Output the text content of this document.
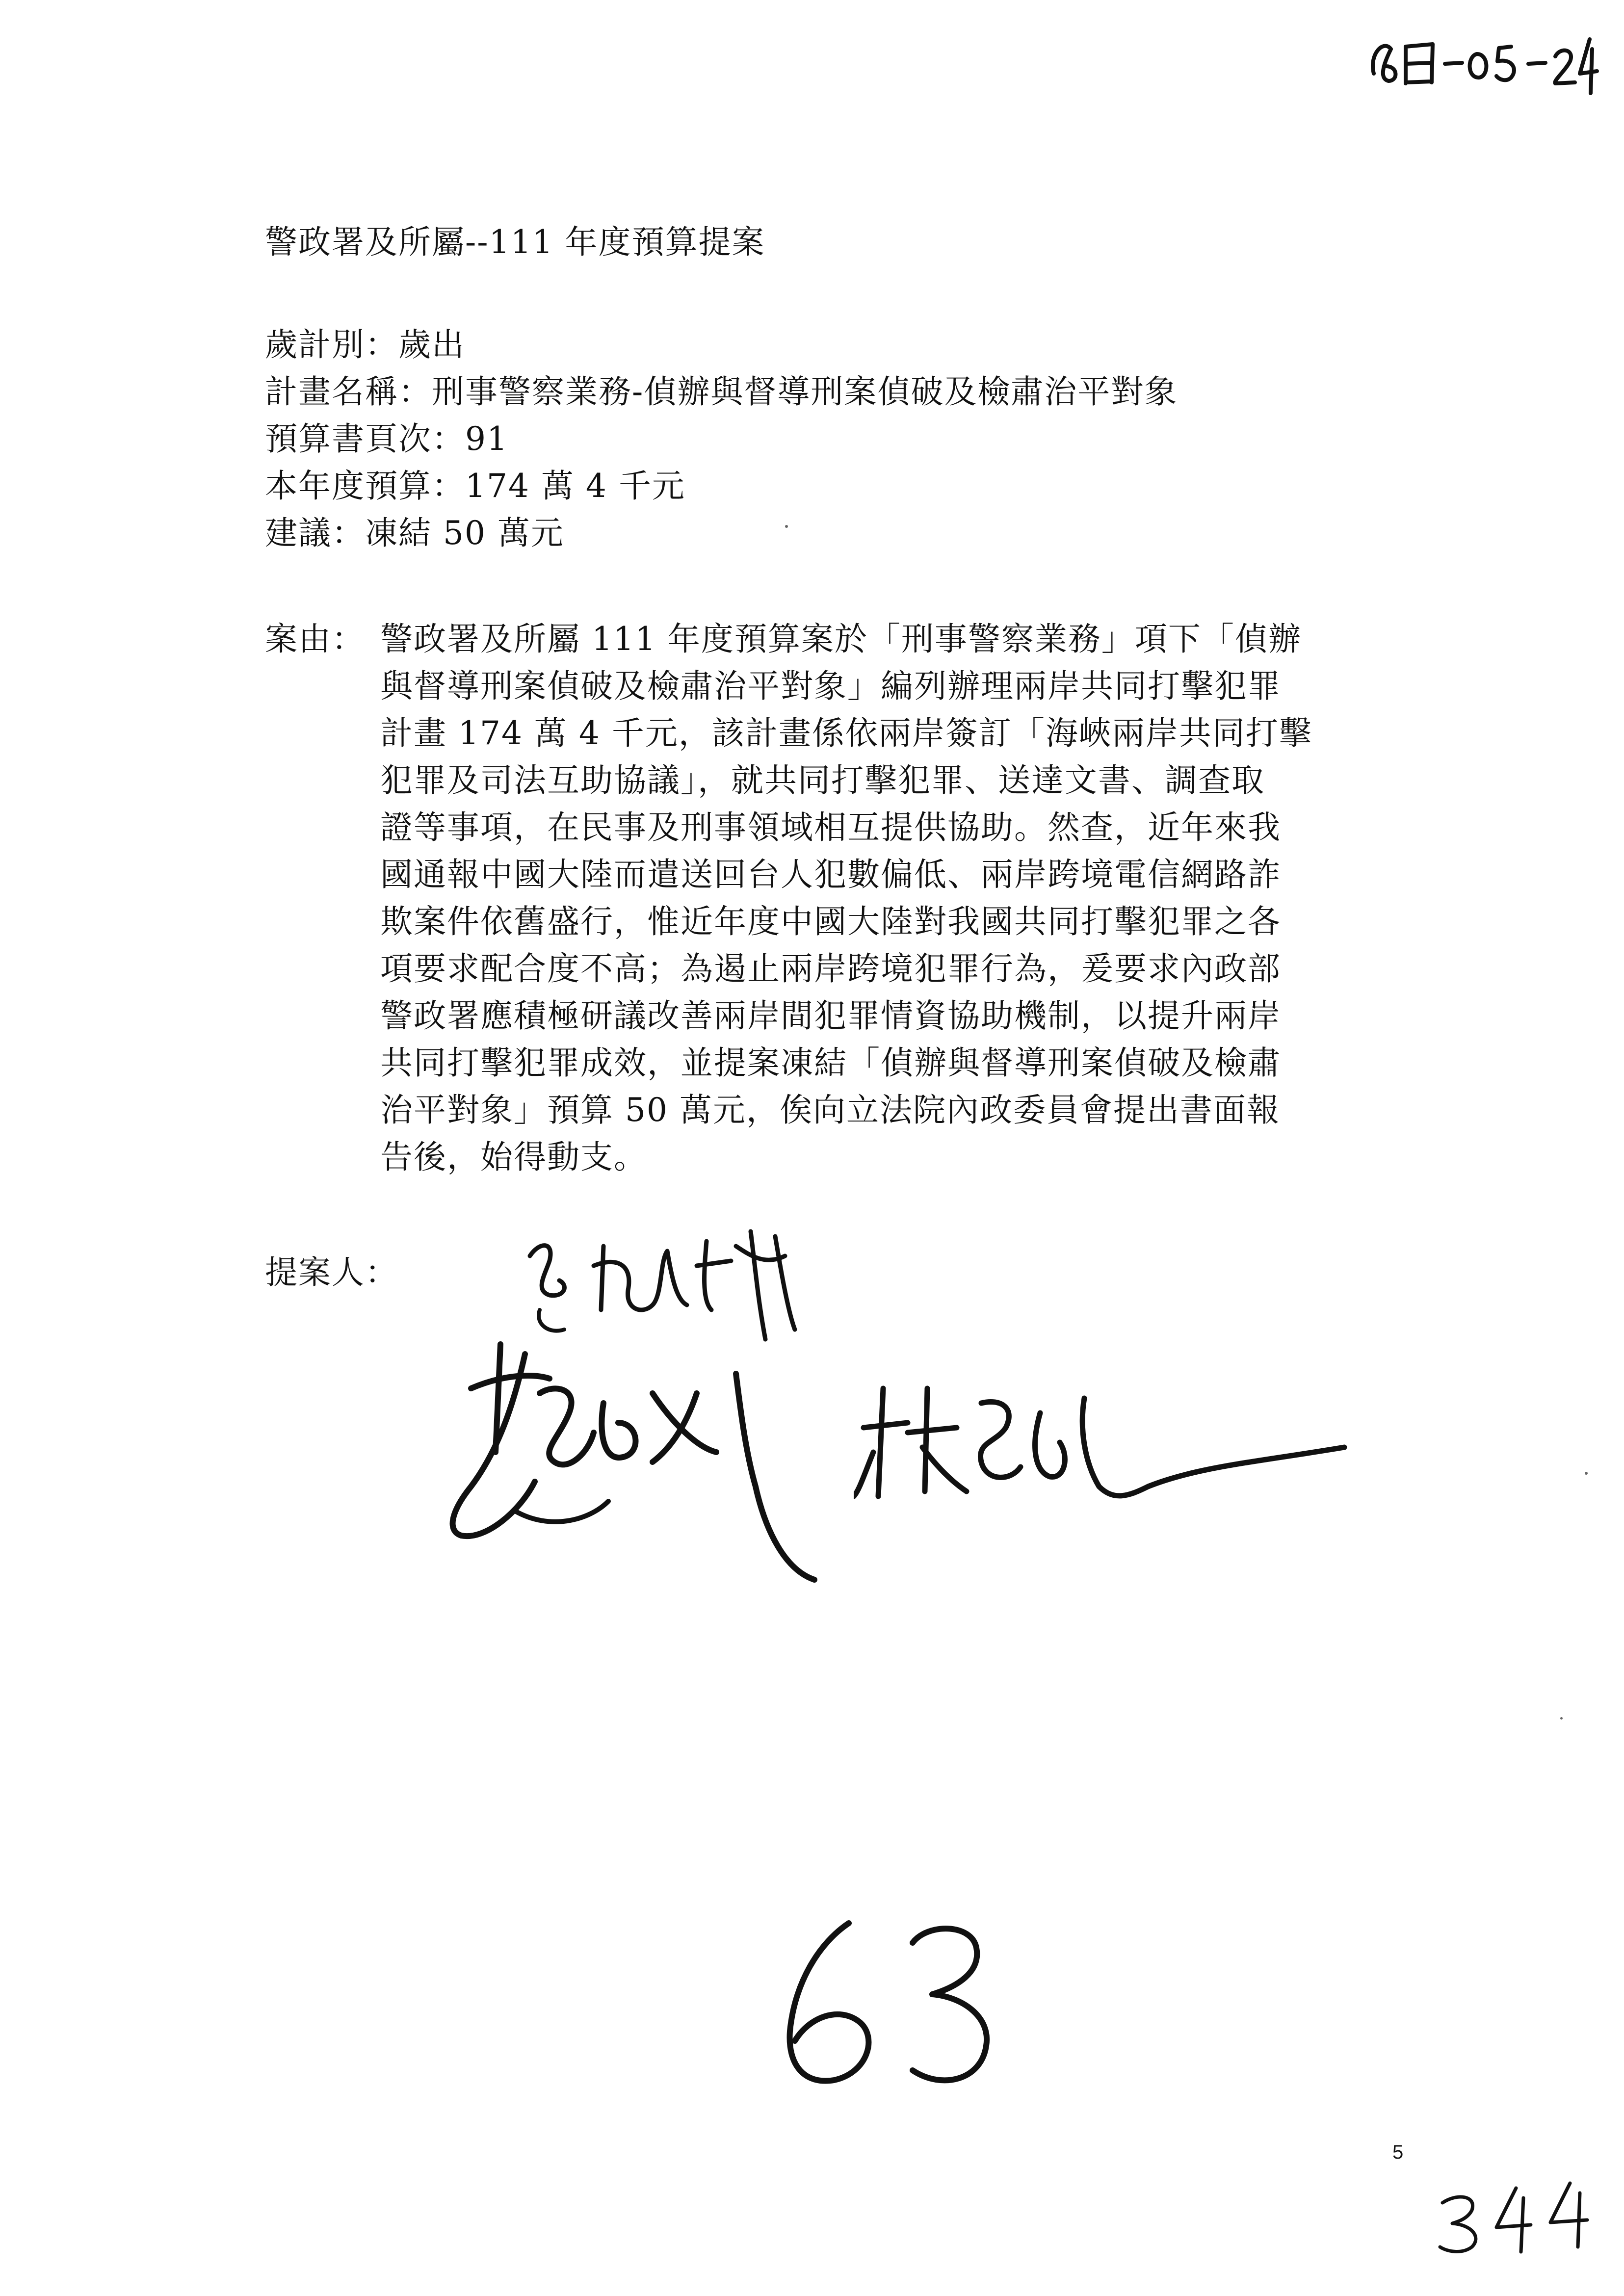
警政署及所屬--111 年度預算提案
歲計別：歲出
計畫名稱：刑事警察業務-偵辦與督導刑案偵破及檢肅治平對象
預算書頁次：91
本年度預算：174 萬 4 千元
建議：凍結 50 萬元
案由： 警政署及所屬 111 年度預算案於「刑事警察業務」項下「偵辦
與督導刑案偵破及檢肅治平對象」編列辦理兩岸共同打擊犯罪
計畫 174 萬 4 千元，該計畫係依兩岸簽訂「海峽兩岸共同打擊
犯罪及司法互助協議」，就共同打擊犯罪、送達文書、調查取
證等事項，在民事及刑事領域相互提供協助。然查，近年來我
國通報中國大陸而遣送回台人犯數偏低、兩岸跨境電信網路詐
欺案件依舊盛行，惟近年度中國大陸對我國共同打擊犯罪之各
項要求配合度不高；為遏止兩岸跨境犯罪行為，爰要求內政部
警政署應積極研議改善兩岸間犯罪情資協助機制，以提升兩岸
共同打擊犯罪成效，並提案凍結「偵辦與督導刑案偵破及檢肅
治平對象」預算 50 萬元，俟向立法院內政委員會提出書面報
告後，始得動支。
提案人：
5
